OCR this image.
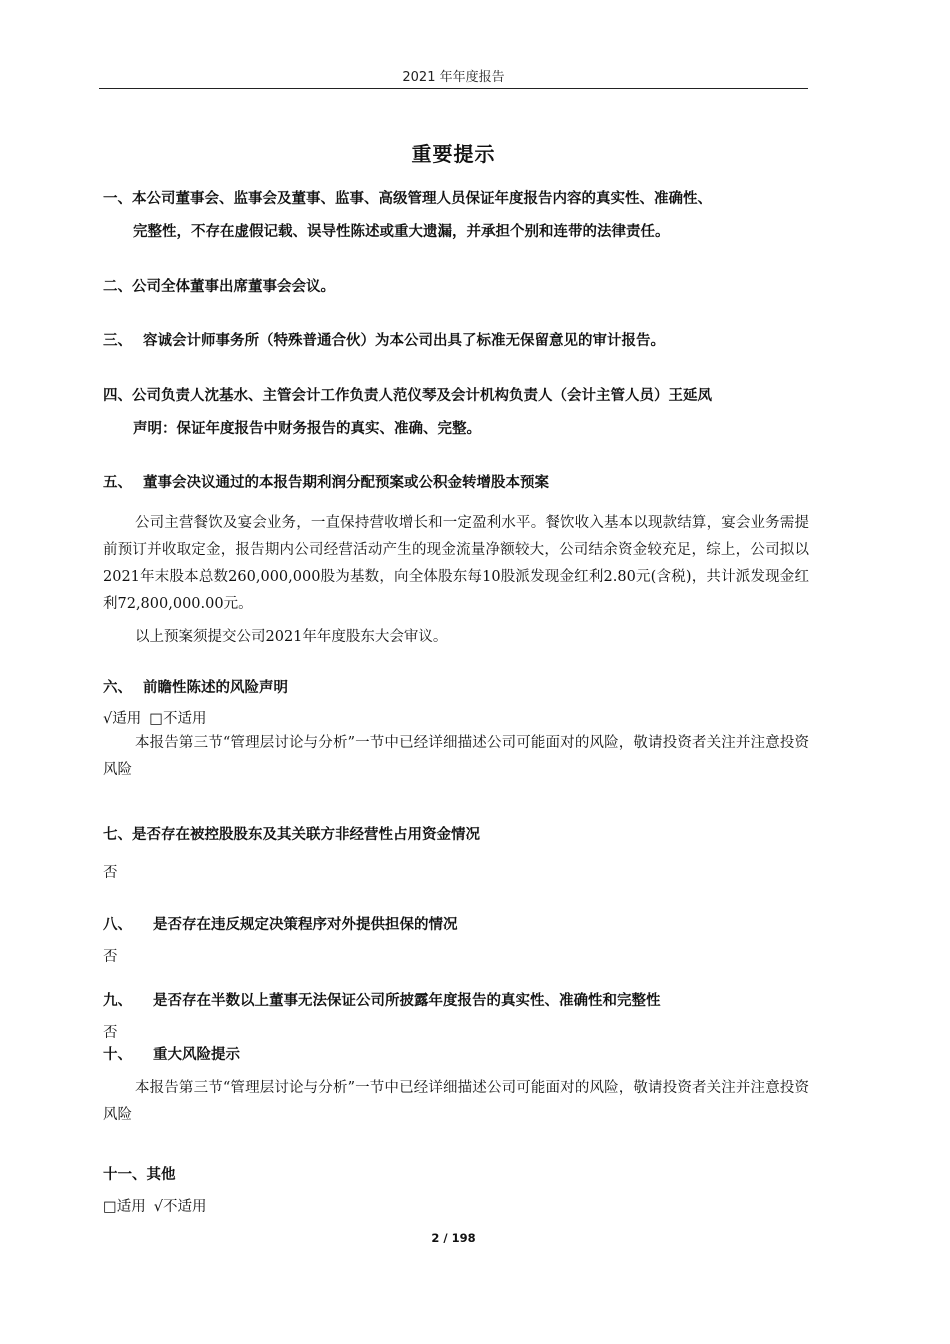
2021 年年度报告
重要提示
一、本公司董事会、监事会及董事、监事、高级管理人员保证年度报告内容的真实性、准确性、
完整性，不存在虚假记载、误导性陈述或重大遗漏，并承担个别和连带的法律责任。
二、公司全体董事出席董事会会议。
三、 容诚会计师事务所（特殊普通合伙）为本公司出具了标准无保留意见的审计报告。
四、公司负责人沈基水、主管会计工作负责人范仪琴及会计机构负责人（会计主管人员）王延凤
声明：保证年度报告中财务报告的真实、准确、完整。
五、 董事会决议通过的本报告期利润分配预案或公积金转增股本预案
公司主营餐饮及宴会业务，一直保持营收增长和一定盈利水平。餐饮收入基本以现款结算，宴会业务需提前预订并收取定金，报告期内公司经营活动产生的现金流量净额较大，公司结余资金较充足，综上，公司拟以2021年末股本总数260,000,000股为基数，向全体股东每10股派发现金红利2.80元(含税)，共计派发现金红利72,800,000.00元。
以上预案须提交公司2021年年度股东大会审议。
六、 前瞻性陈述的风险声明
√适用 □不适用
本报告第三节“管理层讨论与分析”一节中已经详细描述公司可能面对的风险，敬请投资者关注并注意投资风险
七、是否存在被控股股东及其关联方非经营性占用资金情况
否
八、 是否存在违反规定决策程序对外提供担保的情况
否
九、 是否存在半数以上董事无法保证公司所披露年度报告的真实性、准确性和完整性
否
十、 重大风险提示
本报告第三节“管理层讨论与分析”一节中已经详细描述公司可能面对的风险，敬请投资者关注并注意投资风险
十一、其他
□适用 √不适用
2 / 198
